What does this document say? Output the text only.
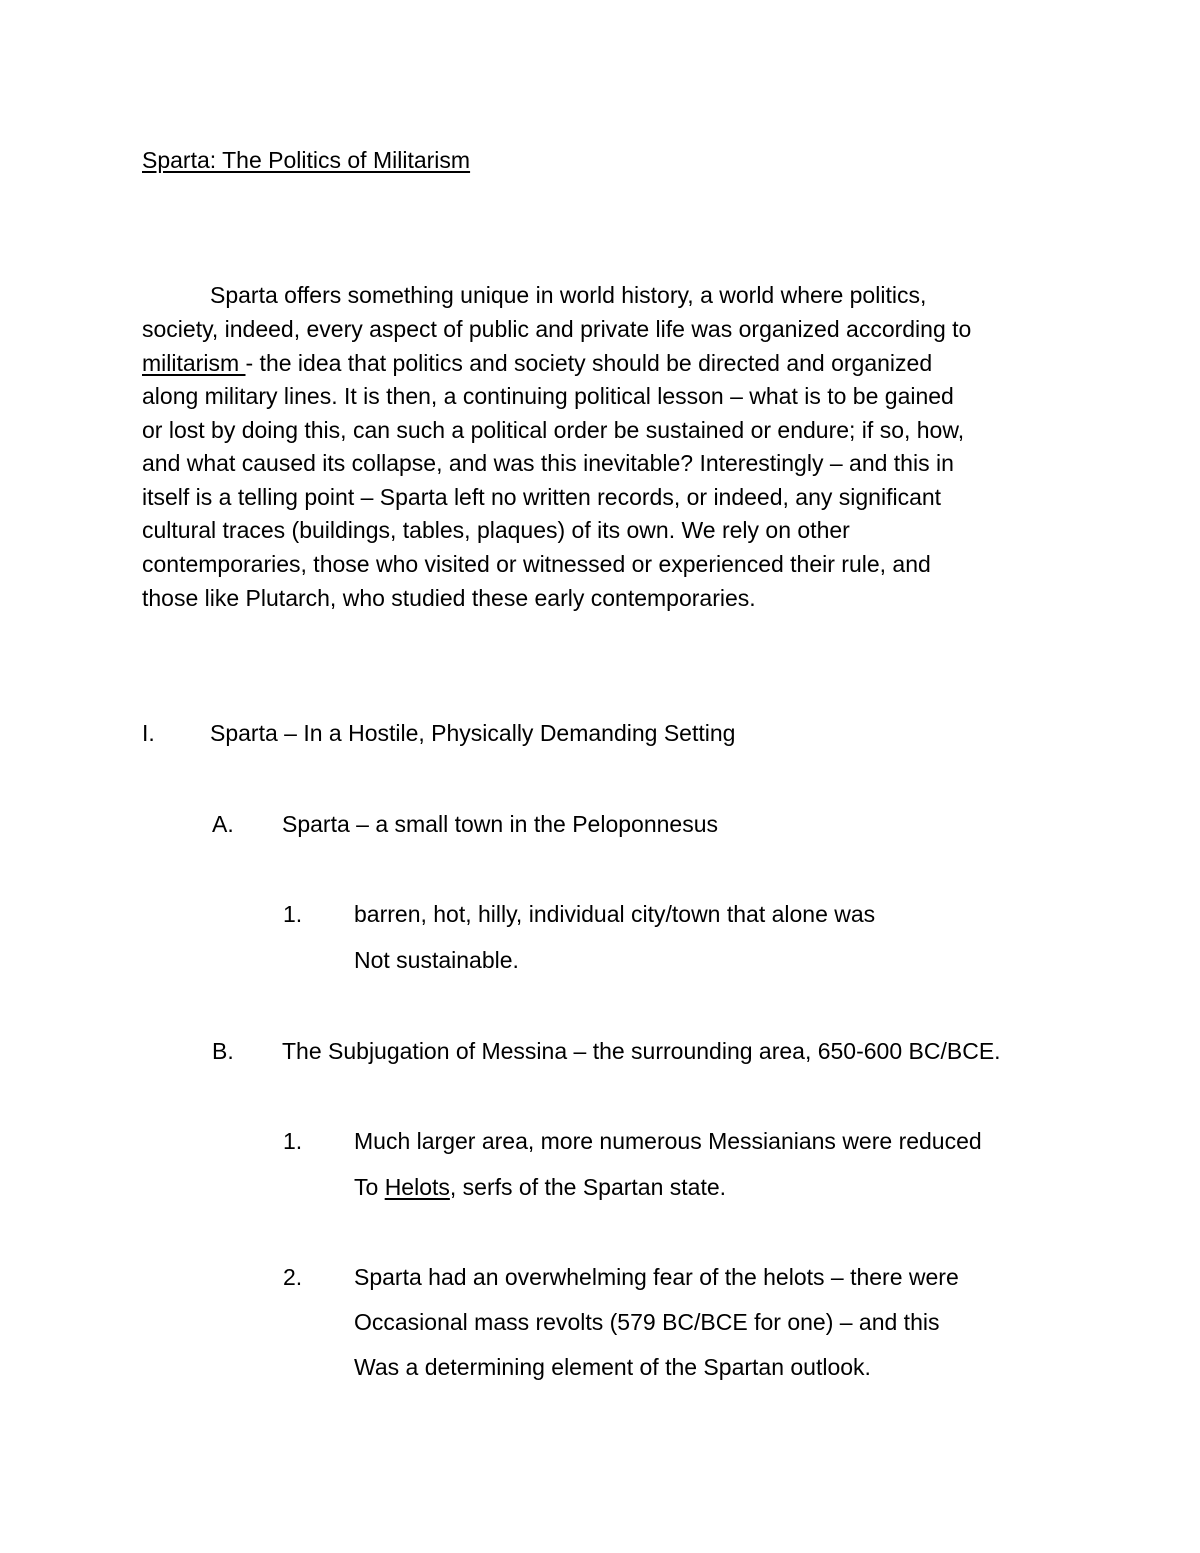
Sparta: The Politics of Militarism
Sparta offers something unique in world history, a world where politics,
society, indeed, every aspect of public and private life was organized according to
militarism - the idea that politics and society should be directed and organized
along military lines. It is then, a continuing political lesson – what is to be gained
or lost by doing this, can such a political order be sustained or endure; if so, how,
and what caused its collapse, and was this inevitable? Interestingly – and this in
itself is a telling point – Sparta left no written records, or indeed, any significant
cultural traces (buildings, tables, plaques) of its own. We rely on other
contemporaries, those who visited or witnessed or experienced their rule, and
those like Plutarch, who studied these early contemporaries.
I. Sparta – In a Hostile, Physically Demanding Setting
A. Sparta – a small town in the Peloponnesus
1. barren, hot, hilly, individual city/town that alone was
Not sustainable.
B. The Subjugation of Messina – the surrounding area, 650-600 BC/BCE.
1. Much larger area, more numerous Messianians were reduced
To Helots, serfs of the Spartan state.
2. Sparta had an overwhelming fear of the helots – there were
Occasional mass revolts (579 BC/BCE for one) – and this
Was a determining element of the Spartan outlook.
